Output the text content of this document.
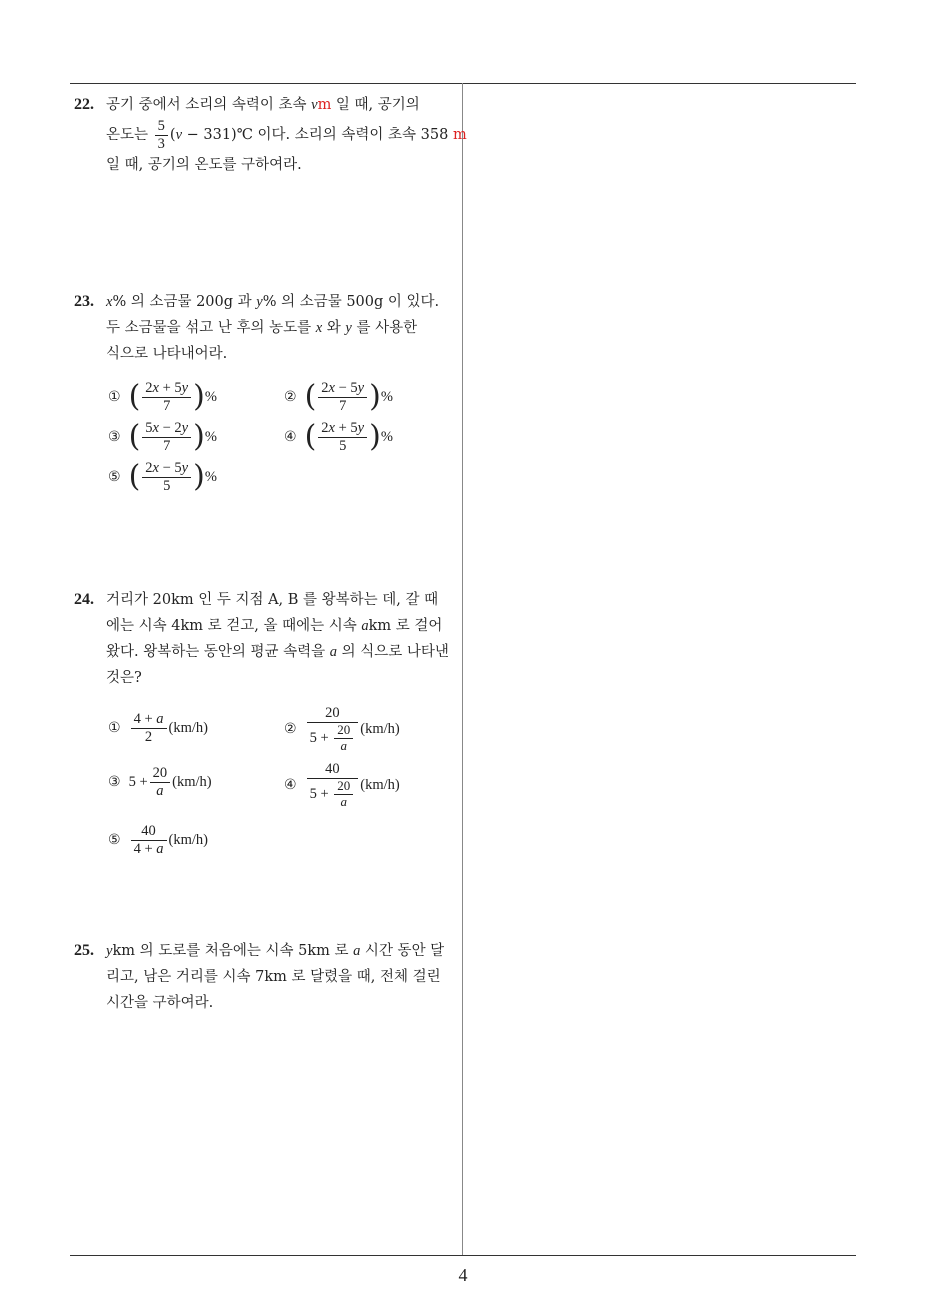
22. 공기 중에서 소리의 속력이 초속 vm 일 때, 공기의
온도는 $\frac{5}{3} (v$ − 331)℃ 이다. 소리의 속력이 초속 358 m
일 때, 공기의 온도를 구하여라.
23. x% 의 소금물 200g 과 y% 의 소금물 500g 이 있다.
두 소금물을 섞고 난 후의 농도를 x 와 y 를 사용한
식으로 나타내어라.
① ( $\frac{2x + 5y}{7}$ ) %	② ( $\frac{2x - 5y}{7}$ ) %
③ ( $\frac{5x - 2y}{7}$ ) %	④ ( $\frac{2x + 5y}{5}$ ) %
⑤ ( $\frac{2x - 5y}{5}$ ) %
24. 거리가 20km 인 두 지점 A, B 를 왕복하는 데, 갈 때
에는 시속 4km 로 걷고, 올 때에는 시속 akm 로 걸어
왔다. 왕복하는 동안의 평균 속력을 a 의 식으로 나타낸
것은?
① $\frac{4 + a}{2} (km/h)$	② $\frac{20}{5 + \frac{20}{a}} (km/h)$
③ $5 + \frac{20}{a} (km/h)$	④ $\frac{40}{5 + \frac{20}{a}} (km/h)$
⑤ $\frac{40}{4 + a} (km/h)$
25. ykm 의 도로를 처음에는 시속 5km 로 a 시간 동안 달
리고, 남은 거리를 시속 7km 로 달렸을 때, 전체 걸린
시간을 구하여라.
4
